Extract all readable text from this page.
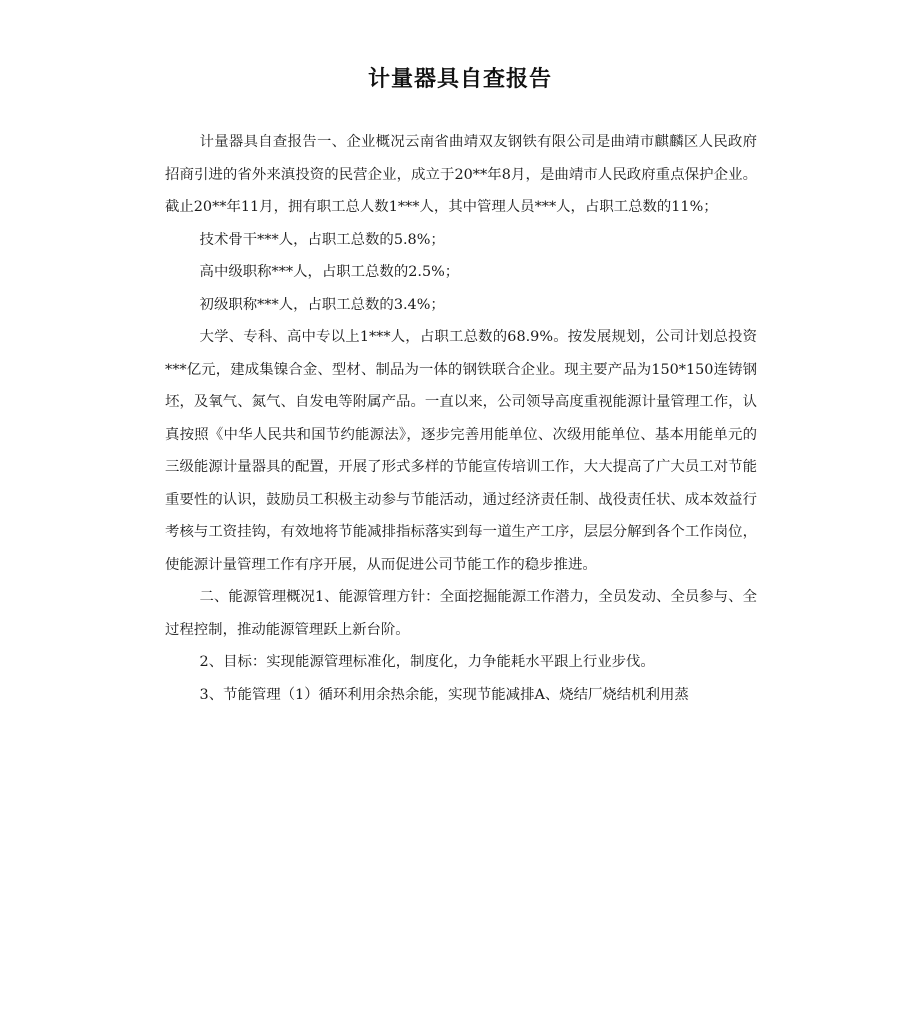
计量器具自查报告

计量器具自查报告一、企业概况云南省曲靖双友钢铁有限公司是曲靖市麒麟区人民政府招商引进的省外来滇投资的民营企业，成立于20**年8月，是曲靖市人民政府重点保护企业。截止20**年11月，拥有职工总人数1***人，其中管理人员***人，占职工总数的11%；

技术骨干***人，占职工总数的5.8%；

高中级职称***人，占职工总数的2.5%；

初级职称***人，占职工总数的3.4%；

大学、专科、高中专以上1***人，占职工总数的68.9%。按发展规划，公司计划总投资***亿元，建成集镍合金、型材、制品为一体的钢铁联合企业。现主要产品为150*150连铸钢坯，及氧气、氮气、自发电等附属产品。一直以来，公司领导高度重视能源计量管理工作，认真按照《中华人民共和国节约能源法》，逐步完善用能单位、次级用能单位、基本用能单元的三级能源计量器具的配置，开展了形式多样的节能宣传培训工作，大大提高了广大员工对节能重要性的认识，鼓励员工积极主动参与节能活动，通过经济责任制、战役责任状、成本效益行考核与工资挂钩，有效地将节能减排指标落实到每一道生产工序，层层分解到各个工作岗位，使能源计量管理工作有序开展，从而促进公司节能工作的稳步推进。

二、能源管理概况1、能源管理方针：全面挖掘能源工作潜力，全员发动、全员参与、全过程控制，推动能源管理跃上新台阶。

2、目标：实现能源管理标准化，制度化，力争能耗水平跟上行业步伐。

3、节能管理（1）循环利用余热余能，实现节能减排A、烧结厂烧结机利用蒸
